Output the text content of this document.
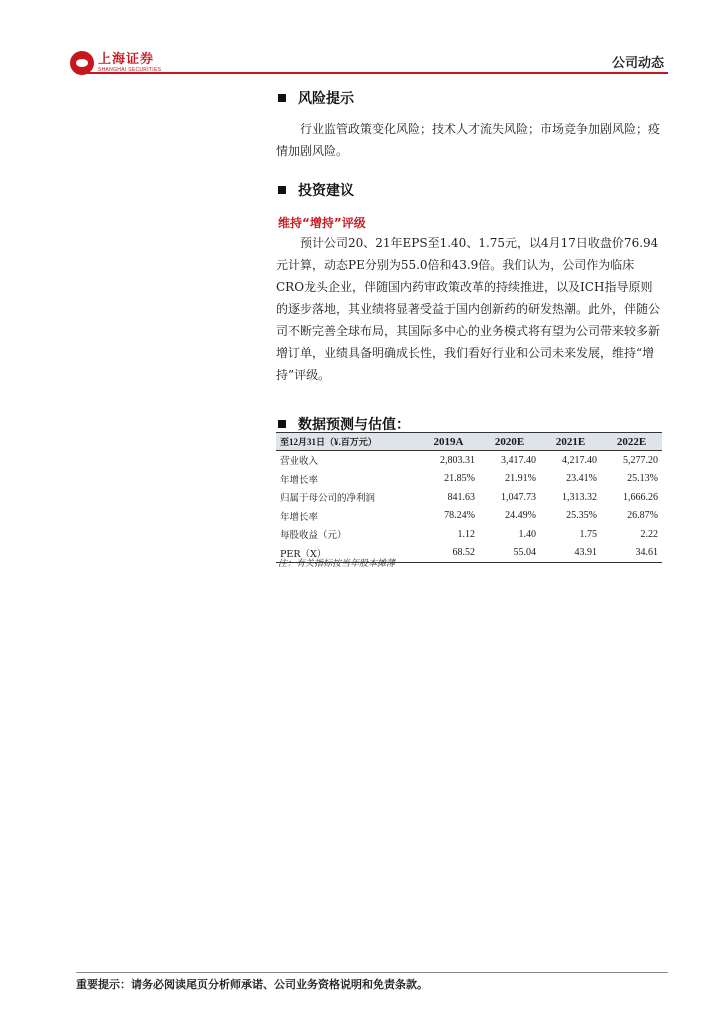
上海证券
SHANGHAI SECURITIES	公司动态
风险提示
行业监管政策变化风险；技术人才流失风险；市场竞争加剧风险；疫情加剧风险。
投资建议
维持“增持”评级
预计公司20、21年EPS至1.40、1.75元，以4月17日收盘价76.94元计算，动态PE分别为55.0倍和43.9倍。我们认为，公司作为临床CRO龙头企业，伴随国内药审政策改革的持续推进，以及ICH指导原则的逐步落地，其业绩将显著受益于国内创新药的研发热潮。此外，伴随公司不断完善全球布局，其国际多中心的业务模式将有望为公司带来较多新增订单，业绩具备明确成长性，我们看好行业和公司未来发展，维持“增持”评级。
数据预测与估值：
至12月31日（¥.百万元）	2019A	2020E	2021E	2022E
营业收入	2,803.31	3,417.40	4,217.40	5,277.20
年增长率	21.85%	21.91%	23.41%	25.13%
归属于母公司的净利润	841.63	1,047.73	1,313.32	1,666.26
年增长率	78.24%	24.49%	25.35%	26.87%
每股收益（元）	1.12	1.40	1.75	2.22
PER（X）	68.52	55.04	43.91	34.61
注：有关指标按当年股本摊薄
重要提示：请务必阅读尾页分析师承诺、公司业务资格说明和免责条款。
